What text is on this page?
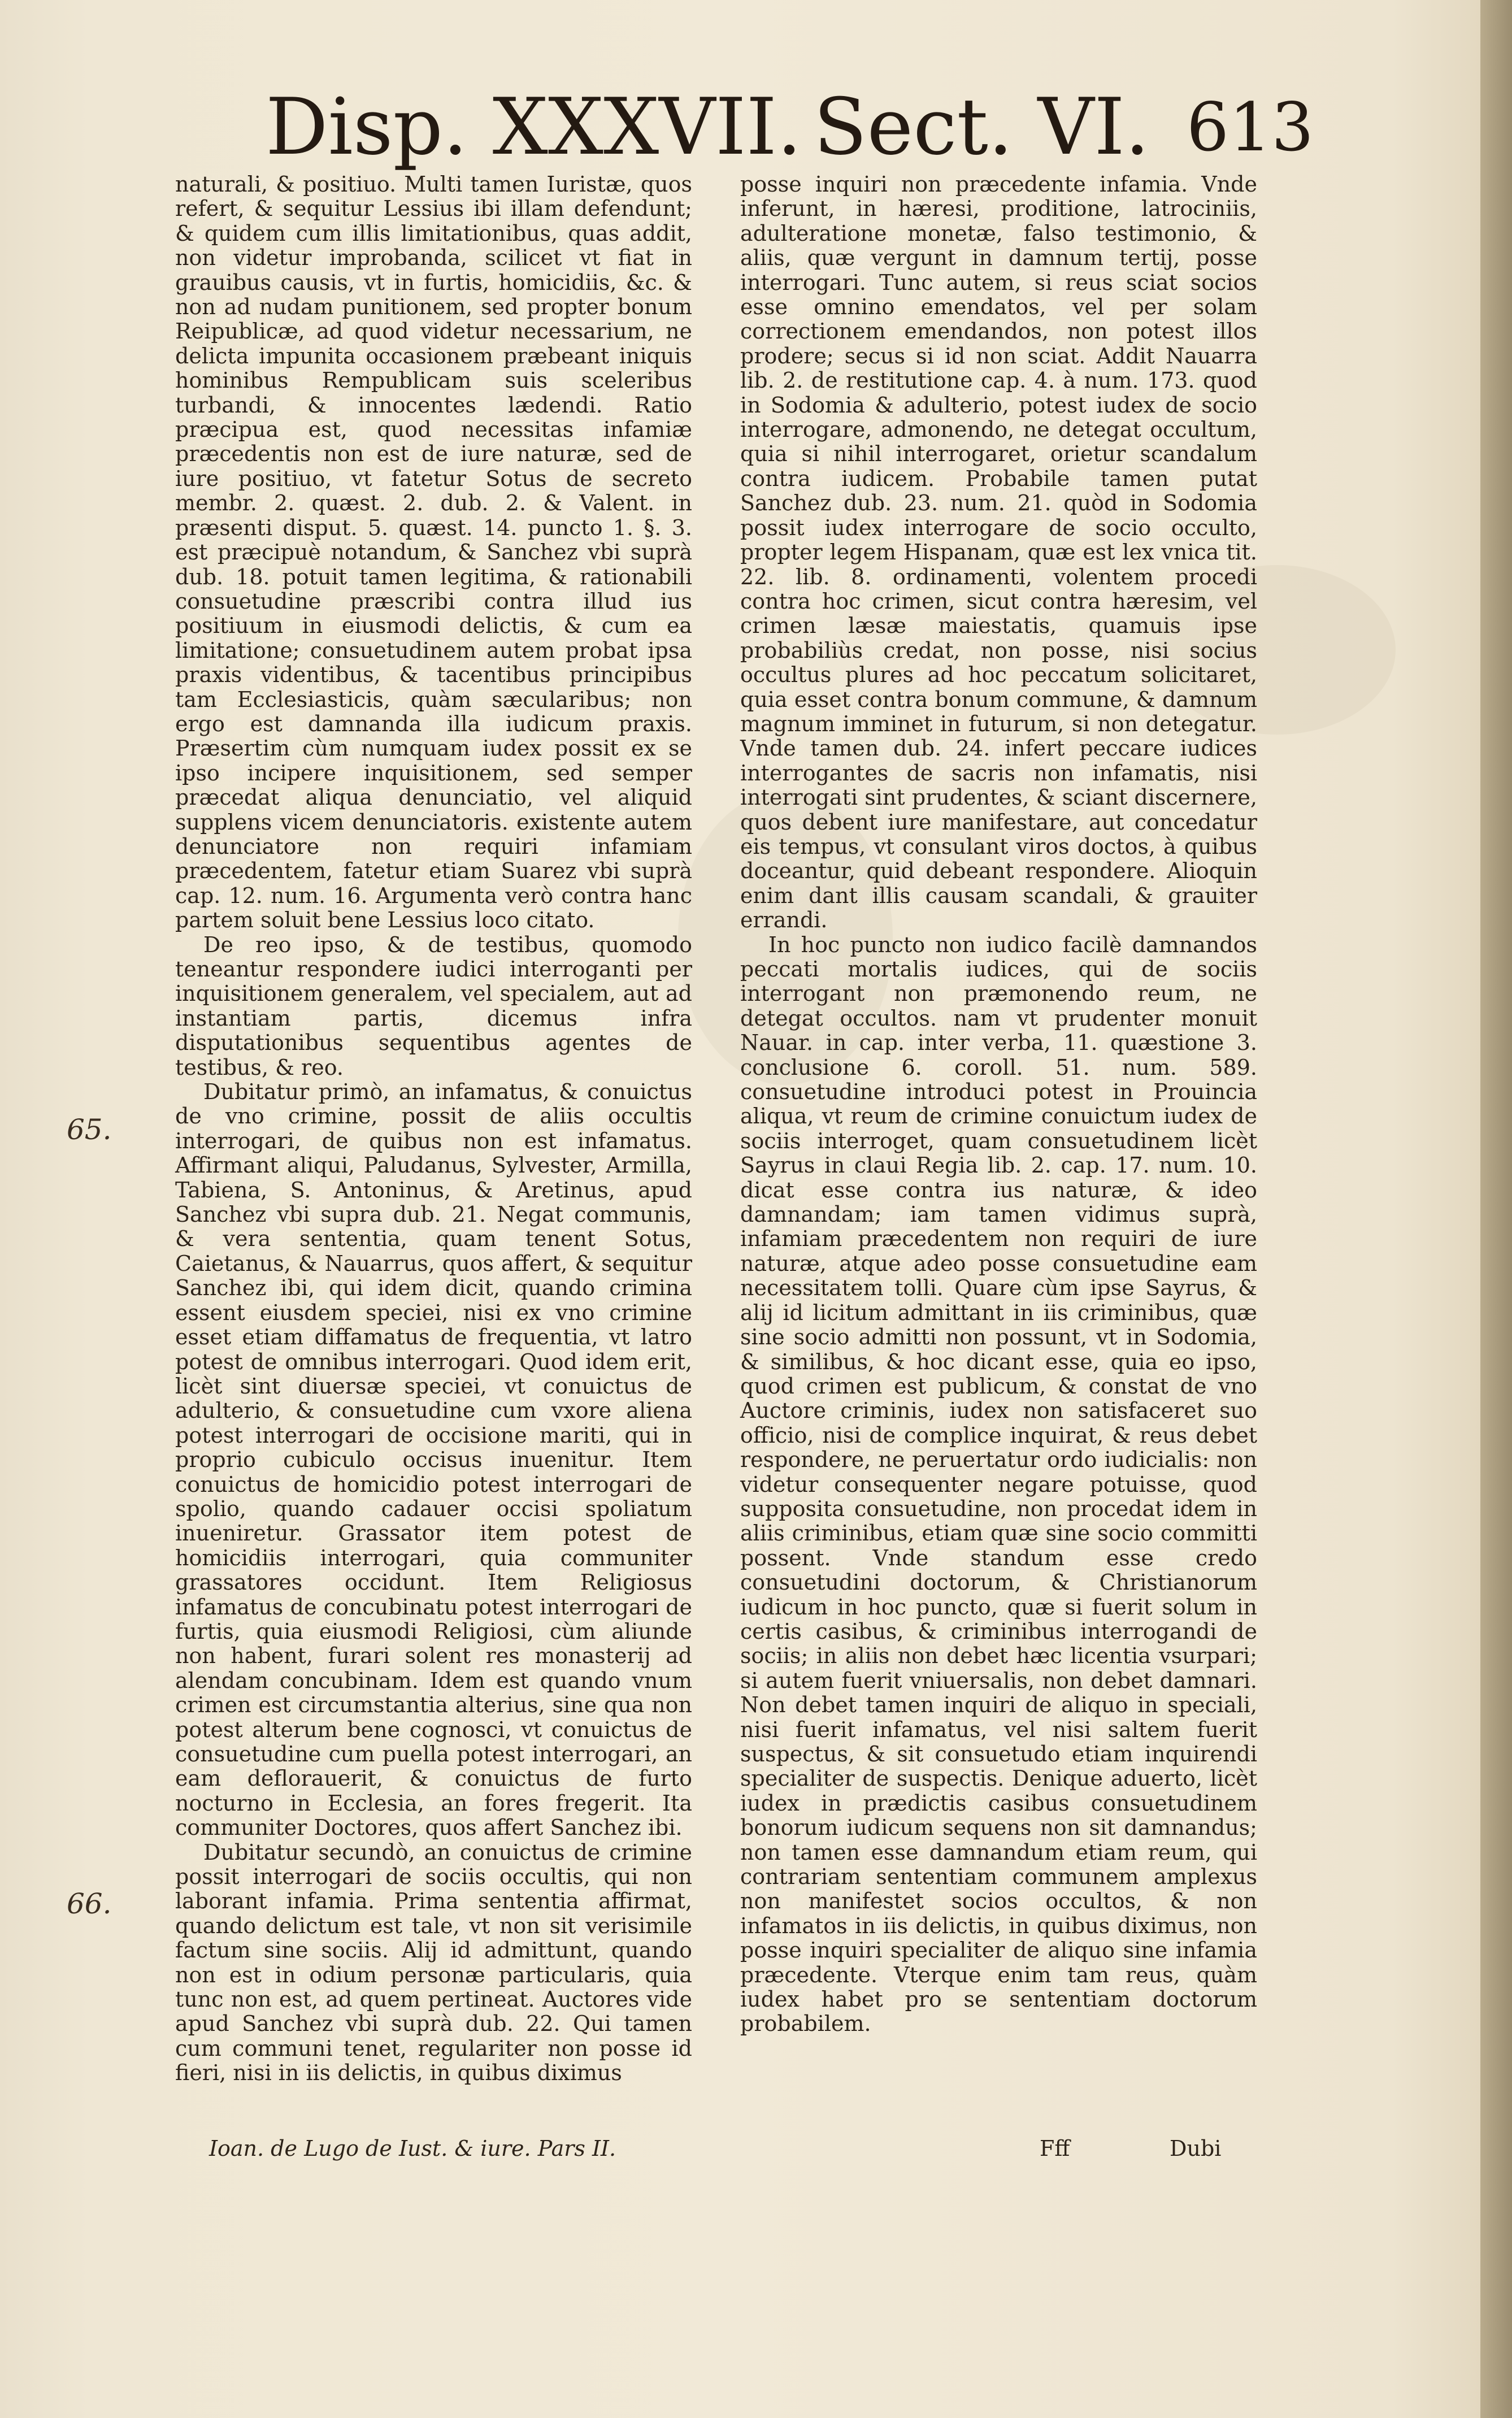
Disp. XXXVII. Sect. VI. 613
65.
66.

naturali, & positiuo. Multi tamen Iuristæ, quos refert, & sequitur Lessius ibi illam defendunt; & quidem cum illis limitationibus, quas addit, non videtur improbanda, scilicet vt fiat in grauibus causis, vt in furtis, homicidiis, &c. & non ad nudam punitionem, sed propter bonum Reipublicæ, ad quod videtur necessarium, ne delicta impunita occasionem præbeant iniquis hominibus Rempublicam suis sceleribus turbandi, & innocentes lædendi. Ratio præcipua est, quod necessitas infamiæ præcedentis non est de iure naturæ, sed de iure positiuo, vt fatetur Sotus de secreto membr. 2. quæst. 2. dub. 2. & Valent. in præsenti disput. 5. quæst. 14. puncto 1. §. 3. est præcipuè notandum, & Sanchez vbi suprà dub. 18. potuit tamen legitima, & rationabili consuetudine præscribi contra illud ius positiuum in eiusmodi delictis, & cum ea limitatione; consuetudinem autem probat ipsa praxis videntibus, & tacentibus principibus tam Ecclesiasticis, quàm sæcularibus; non ergo est damnanda illa iudicum praxis. Præsertim cùm numquam iudex possit ex se ipso incipere inquisitionem, sed semper præcedat aliqua denunciatio, vel aliquid supplens vicem denunciatoris. existente autem denunciatore non requiri infamiam præcedentem, fatetur etiam Suarez vbi suprà cap. 12. num. 16. Argumenta verò contra hanc partem soluit bene Lessius loco citato.

De reo ipso, & de testibus, quomodo teneantur respondere iudici interroganti per inquisitionem generalem, vel specialem, aut ad instantiam partis, dicemus infra disputationibus sequentibus agentes de testibus, & reo.

Dubitatur primò, an infamatus, & conuictus de vno crimine, possit de aliis occultis interrogari, de quibus non est infamatus. Affirmant aliqui, Paludanus, Sylvester, Armilla, Tabiena, S. Antoninus, & Aretinus, apud Sanchez vbi supra dub. 21. Negat communis, & vera sententia, quam tenent Sotus, Caietanus, & Nauarrus, quos affert, & sequitur Sanchez ibi, qui idem dicit, quando crimina essent eiusdem speciei, nisi ex vno crimine esset etiam diffamatus de frequentia, vt latro potest de omnibus interrogari. Quod idem erit, licèt sint diuersæ speciei, vt conuictus de adulterio, & consuetudine cum vxore aliena potest interrogari de occisione mariti, qui in proprio cubiculo occisus inuenitur. Item conuictus de homicidio potest interrogari de spolio, quando cadauer occisi spoliatum inueniretur. Grassator item potest de homicidiis interrogari, quia communiter grassatores occidunt. Item Religiosus infamatus de concubinatu potest interrogari de furtis, quia eiusmodi Religiosi, cùm aliunde non habent, furari solent res monasterij ad alendam concubinam. Idem est quando vnum crimen est circumstantia alterius, sine qua non potest alterum bene cognosci, vt conuictus de consuetudine cum puella potest interrogari, an eam deflorauerit, & conuictus de furto nocturno in Ecclesia, an fores fregerit. Ita communiter Doctores, quos affert Sanchez ibi.

Dubitatur secundò, an conuictus de crimine possit interrogari de sociis occultis, qui non laborant infamia. Prima sententia affirmat, quando delictum est tale, vt non sit verisimile factum sine sociis. Alij id admittunt, quando non est in odium personæ particularis, quia tunc non est, ad quem pertineat. Auctores vide apud Sanchez vbi suprà dub. 22. Qui tamen cum communi tenet, regulariter non posse id fieri, nisi in iis delictis, in quibus diximus

posse inquiri non præcedente infamia. Vnde inferunt, in hæresi, proditione, latrociniis, adulteratione monetæ, falso testimonio, & aliis, quæ vergunt in damnum tertij, posse interrogari. Tunc autem, si reus sciat socios esse omnino emendatos, vel per solam correctionem emendandos, non potest illos prodere; secus si id non sciat. Addit Nauarra lib. 2. de restitutione cap. 4. à num. 173. quod in Sodomia & adulterio, potest iudex de socio interrogare, admonendo, ne detegat occultum, quia si nihil interrogaret, orietur scandalum contra iudicem. Probabile tamen putat Sanchez dub. 23. num. 21. quòd in Sodomia possit iudex interrogare de socio occulto, propter legem Hispanam, quæ est lex vnica tit. 22. lib. 8. ordinamenti, volentem procedi contra hoc crimen, sicut contra hæresim, vel crimen læsæ maiestatis, quamuis ipse probabiliùs credat, non posse, nisi socius occultus plures ad hoc peccatum solicitaret, quia esset contra bonum commune, & damnum magnum imminet in futurum, si non detegatur. Vnde tamen dub. 24. infert peccare iudices interrogantes de sacris non infamatis, nisi interrogati sint prudentes, & sciant discernere, quos debent iure manifestare, aut concedatur eis tempus, vt consulant viros doctos, à quibus doceantur, quid debeant respondere. Alioquin enim dant illis causam scandali, & grauiter errandi.

In hoc puncto non iudico facilè damnandos peccati mortalis iudices, qui de sociis interrogant non præmonendo reum, ne detegat occultos. nam vt prudenter monuit Nauar. in cap. inter verba, 11. quæstione 3. conclusione 6. coroll. 51. num. 589. consuetudine introduci potest in Prouincia aliqua, vt reum de crimine conuictum iudex de sociis interroget, quam consuetudinem licèt Sayrus in claui Regia lib. 2. cap. 17. num. 10. dicat esse contra ius naturæ, & ideo damnandam; iam tamen vidimus suprà, infamiam præcedentem non requiri de iure naturæ, atque adeo posse consuetudine eam necessitatem tolli. Quare cùm ipse Sayrus, & alij id licitum admittant in iis criminibus, quæ sine socio admitti non possunt, vt in Sodomia, & similibus, & hoc dicant esse, quia eo ipso, quod crimen est publicum, & constat de vno Auctore criminis, iudex non satisfaceret suo officio, nisi de complice inquirat, & reus debet respondere, ne peruertatur ordo iudicialis: non videtur consequenter negare potuisse, quod supposita consuetudine, non procedat idem in aliis criminibus, etiam quæ sine socio committi possent. Vnde standum esse credo consuetudini doctorum, & Christianorum iudicum in hoc puncto, quæ si fuerit solum in certis casibus, & criminibus interrogandi de sociis; in aliis non debet hæc licentia vsurpari; si autem fuerit vniuersalis, non debet damnari. Non debet tamen inquiri de aliquo in speciali, nisi fuerit infamatus, vel nisi saltem fuerit suspectus, & sit consuetudo etiam inquirendi specialiter de suspectis. Denique aduerto, licèt iudex in prædictis casibus consuetudinem bonorum iudicum sequens non sit damnandus; non tamen esse damnandum etiam reum, qui contrariam sententiam communem amplexus non manifestet socios occultos, & non infamatos in iis delictis, in quibus diximus, non posse inquiri specialiter de aliquo sine infamia præcedente. Vterque enim tam reus, quàm iudex habet pro se sententiam doctorum probabilem.

Ioan. de Lugo de Iust. & iure. Pars II.	Fff	Dubi
